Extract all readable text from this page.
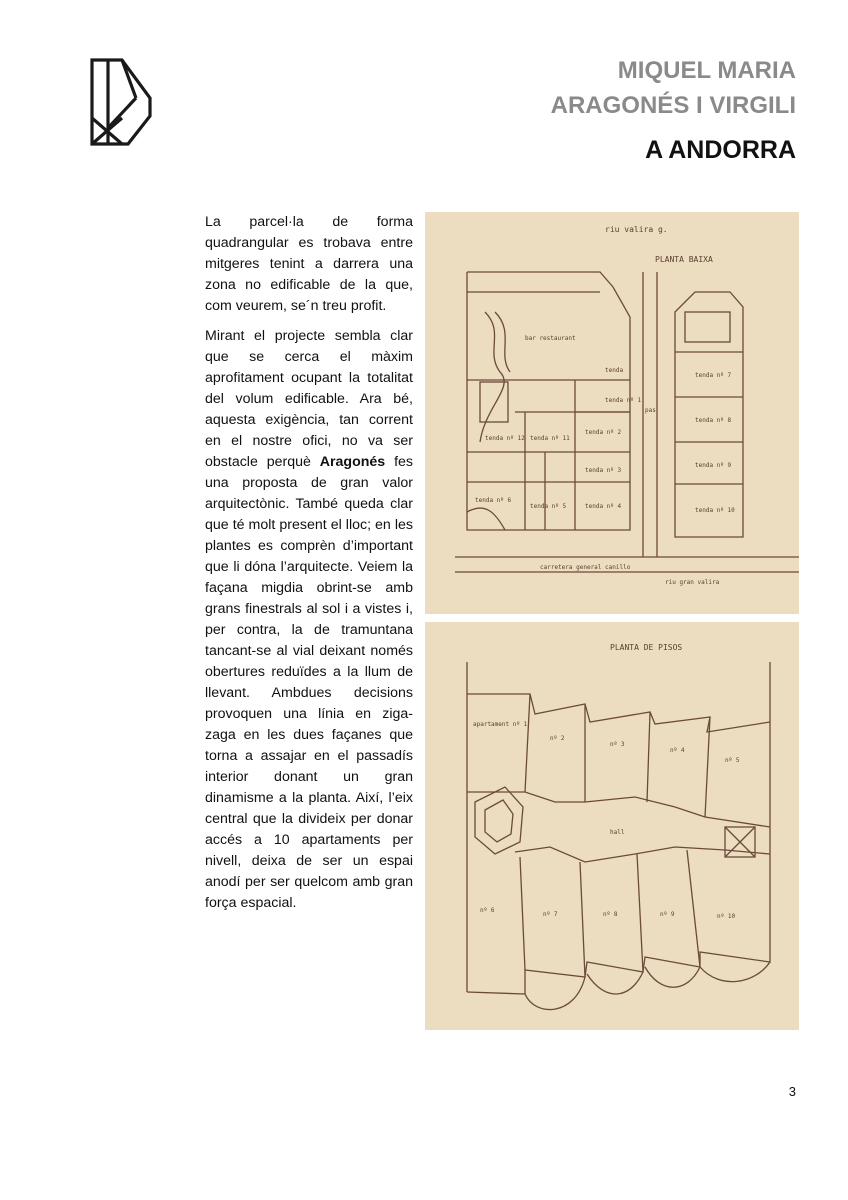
MIQUEL MARIA
ARAGONÉS I VIRGILI
A ANDORRA

La parcel·la de forma quadrangular es trobava entre mitgeres tenint a darrera una zona no edificable de la que, com veurem, se´n treu profit.

Mirant el projecte sembla clar que se cerca el màxim aprofitament ocupant la totalitat del volum edificable. Ara bé, aquesta exigència, tan corrent en el nostre ofici, no va ser obstacle perquè Aragonés fes una proposta de gran valor arquitectònic. També queda clar que té molt present el lloc; en les plantes es comprèn d’important que li dóna l’arquitecte. Veiem la façana migdia obrint-se amb grans finestrals al sol i a vistes i, per contra, la de tramuntana tancant-se al vial deixant només obertures reduïdes a la llum de llevant. Ambdues decisions provoquen una línia en ziga-zaga en les dues façanes que torna a assajar en el passadís interior donant un gran dinamisme a la planta. Així, l’eix central que la divideix per donar accés a 10 apartaments per nivell, deixa de ser un espai anodí per ser quelcom amb gran força espacial.

riu valira g.
PLANTA BAIXA
pas
bar restaurant
tenda nº 1
tenda nº 2
tenda nº 3
tenda nº 4
tenda nº 5
tenda nº 6
tenda nº 7
tenda nº 8
tenda nº 9
tenda nº 10
tenda nº 11
tenda nº 12
tenda
carretera general canillo
riu gran valira
PLANTA DE PISOS
hall
apartament nº 1
nº 2
nº 3
nº 4
nº 5
nº 6
nº 7	nº 8	nº 9	nº 10
3
